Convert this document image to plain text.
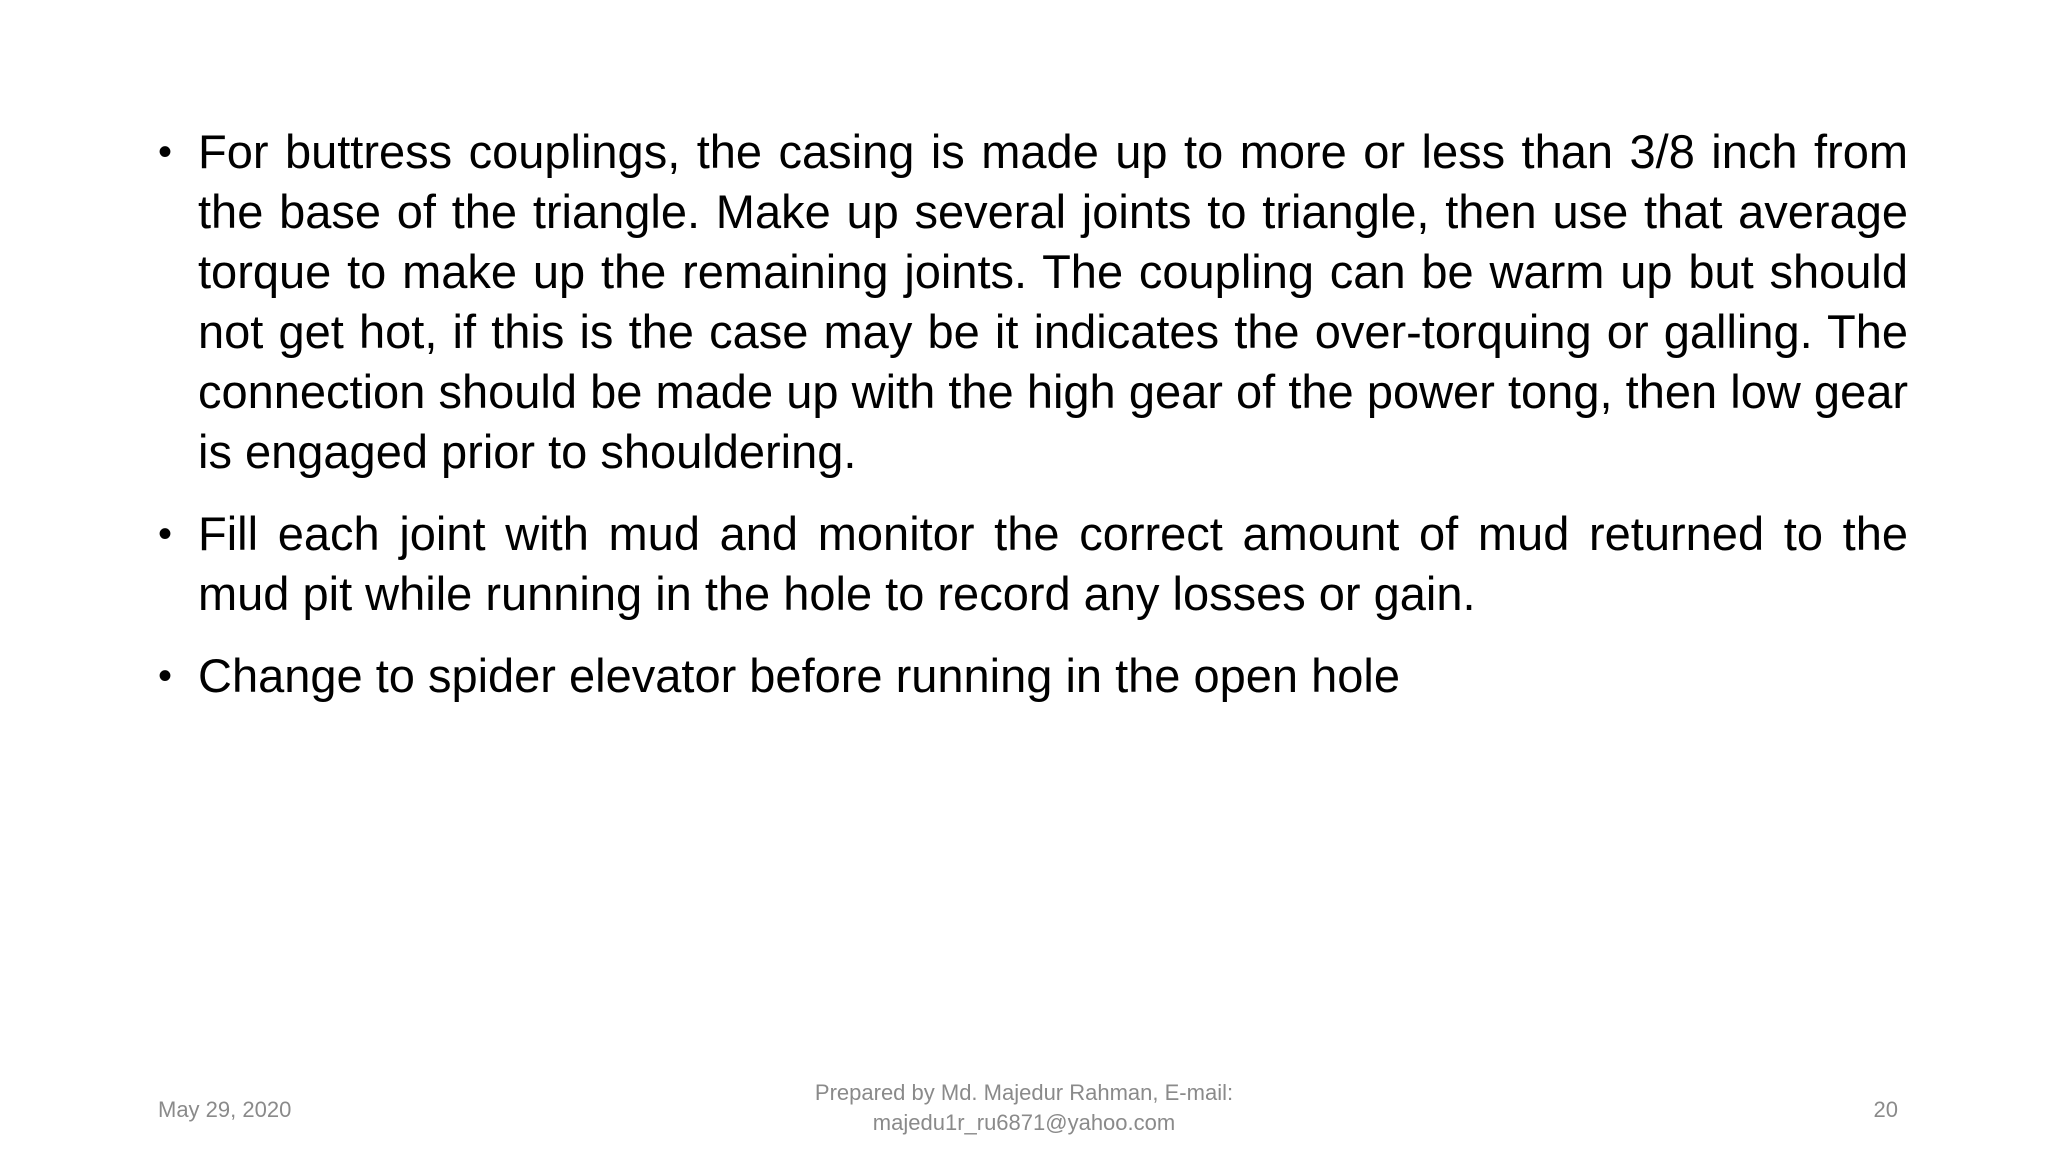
• For buttress couplings, the casing is made up to more or less than 3/8 inch from the base of the triangle. Make up several joints to triangle, then use that average torque to make up the remaining joints. The coupling can be warm up but should not get hot, if this is the case may be it indicates the over-torquing or galling. The connection should be made up with the high gear of the power tong, then low gear is engaged prior to shouldering.
• Fill each joint with mud and monitor the correct amount of mud returned to the mud pit while running in the hole to record any losses or gain.
• Change to spider elevator before running in the open hole
May 29, 2020
Prepared by Md. Majedur Rahman, E-mail:
majedu1r_ru6871@yahoo.com
20
